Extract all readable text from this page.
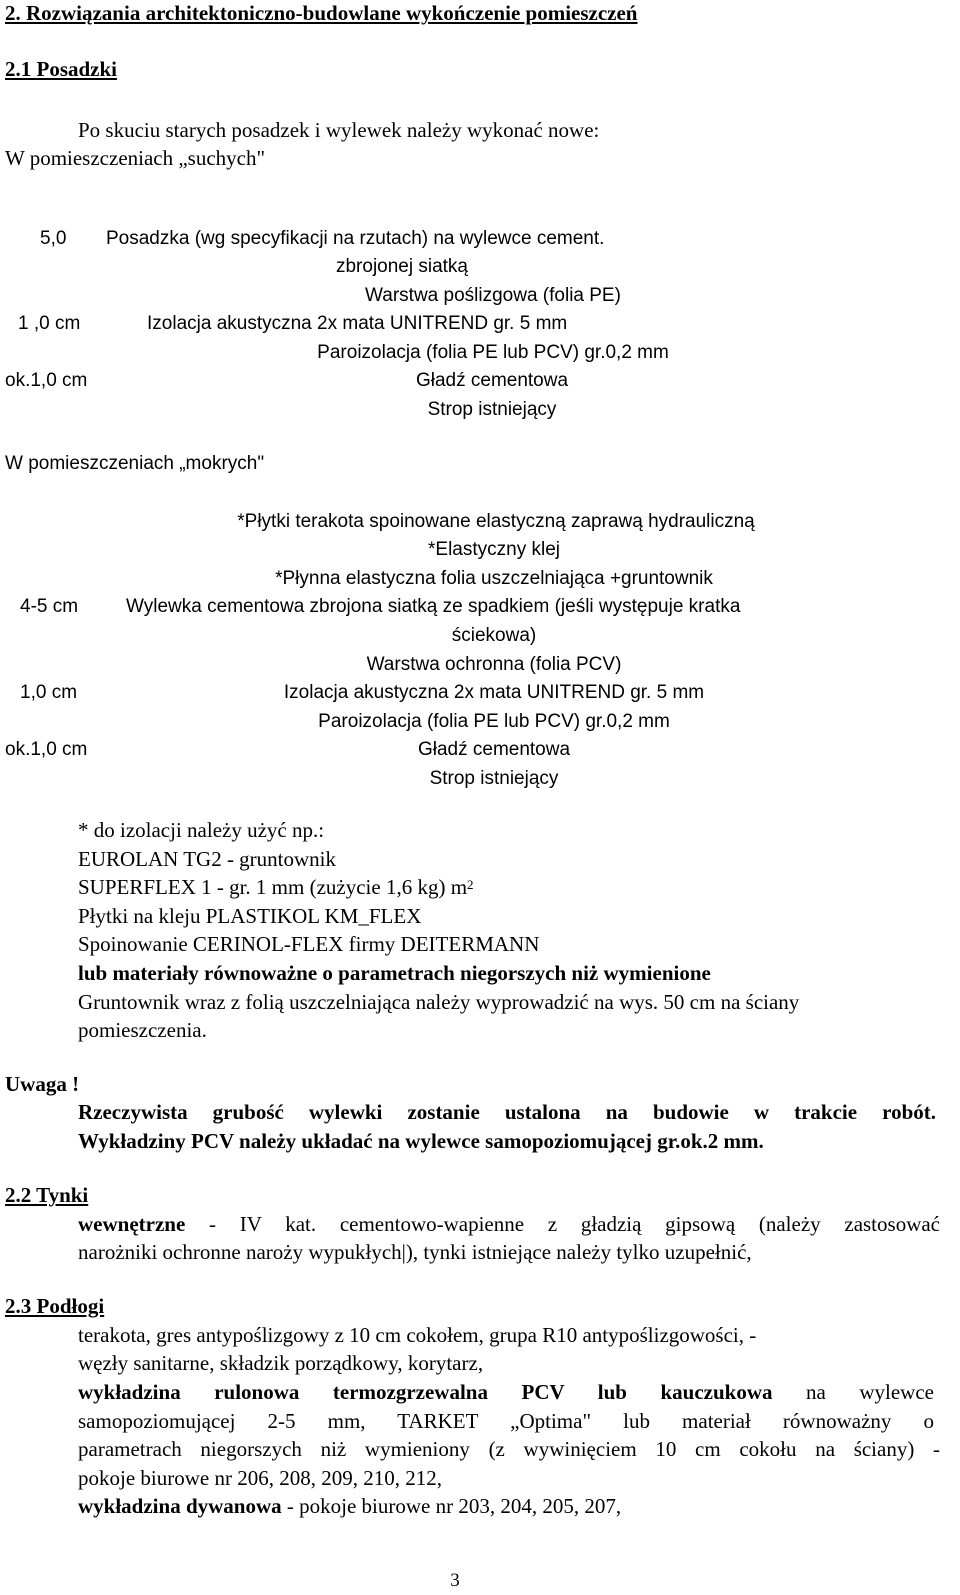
2. Rozwiązania architektoniczno-budowlane wykończenie pomieszczeń
2.1 Posadzki
Po skuciu starych posadzek i wylewek należy wykonać nowe:
W pomieszczeniach „suchych"
5,0 Posadzka (wg specyfikacji na rzutach) na wylewce cement.
zbrojonej siatką
Warstwa poślizgowa (folia PE)
1 ,0 cm	Izolacja akustyczna 2x mata UNITREND gr. 5 mm
Paroizolacja (folia PE lub PCV) gr.0,2 mm
ok.1,0 cm	Gładź cementowa
Strop istniejący
W pomieszczeniach „mokrych"
*Płytki terakota spoinowane elastyczną zaprawą hydrauliczną
*Elastyczny klej
*Płynna elastyczna folia uszczelniająca +gruntownik
4-5 cm	Wylewka cementowa zbrojona siatką ze spadkiem (jeśli występuje kratka
ściekowa)
Warstwa ochronna (folia PCV)
1,0 cm	Izolacja akustyczna 2x mata UNITREND gr. 5 mm
Paroizolacja (folia PE lub PCV) gr.0,2 mm
ok.1,0 cm	Gładź cementowa
Strop istniejący
* do izolacji należy użyć np.:
EUROLAN TG2 - gruntownik
SUPERFLEX 1 - gr. 1 mm (zużycie 1,6 kg) $m^2$
Płytki na kleju PLASTIKOL KM_FLEX
Spoinowanie CERINOL-FLEX firmy DEITERMANN
lub materiały równoważne o parametrach niegorszych niż wymienione
Gruntownik wraz z folią uszczelniająca należy wyprowadzić na wys. 50 cm na ściany
pomieszczenia.
Uwaga !
Rzeczywista grubość wylewki zostanie ustalona na budowie w trakcie robót.
Wykładziny PCV należy układać na wylewce samopoziomującej gr.ok.2 mm.
2.2 Tynki
wewnętrzne - IV kat. cementowo-wapienne z gładzią gipsową (należy zastosować
narożniki ochronne naroży wypukłych|), tynki istniejące należy tylko uzupełnić,
2.3 Podłogi
terakota, gres antypoślizgowy z 10 cm cokołem, grupa R10 antypoślizgowości, -
węzły sanitarne, składzik porządkowy, korytarz,
wykładzina rulonowa termozgrzewalna PCV lub kauczukowa na wylewce
samopoziomującej 2-5 mm, TARKET „Optima" lub materiał równoważny o
parametrach niegorszych niż wymieniony (z wywinięciem 10 cm cokołu na ściany) -
pokoje biurowe nr 206, 208, 209, 210, 212,
wykładzina dywanowa - pokoje biurowe nr 203, 204, 205, 207,
3
